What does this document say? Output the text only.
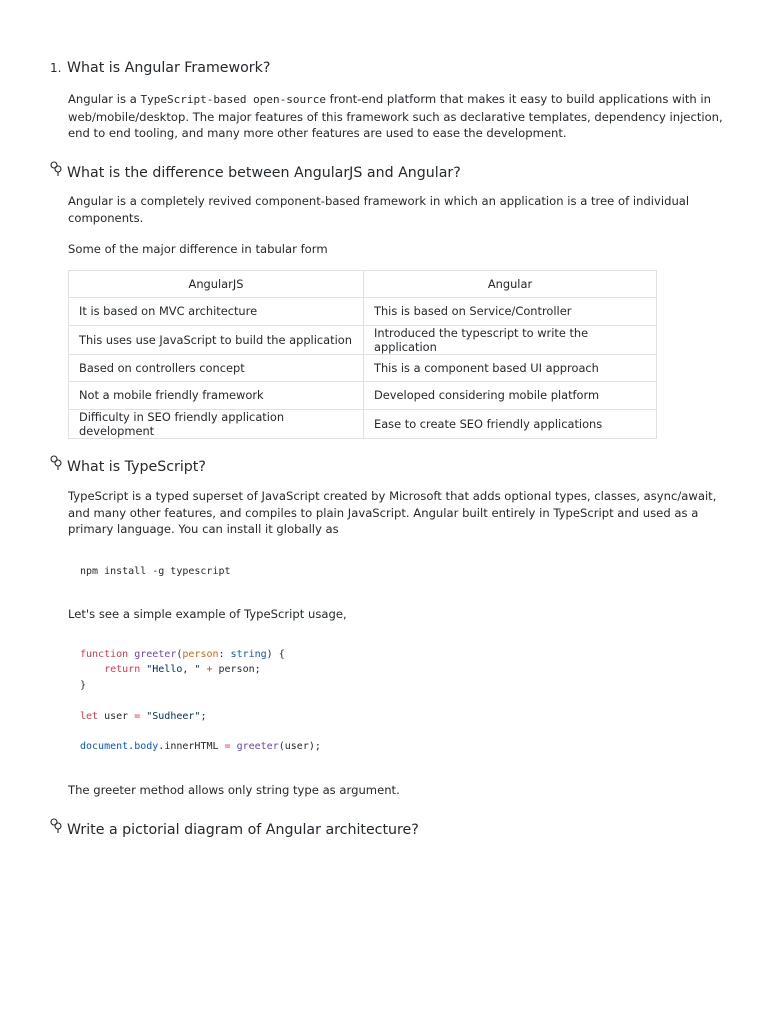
1. What is Angular Framework?

Angular is a TypeScript-based open-source front-end platform that makes it easy to build applications with in web/mobile/desktop. The major features of this framework such as declarative templates, dependency injection, end to end tooling, and many more other features are used to ease the development.

What is the difference between AngularJS and Angular?

Angular is a completely revived component-based framework in which an application is a tree of individual components.

Some of the major difference in tabular form

AngularJS	Angular
It is based on MVC architecture	This is based on Service/Controller
This uses use JavaScript to build the application	Introduced the typescript to write the application
Based on controllers concept	This is a component based UI approach
Not a mobile friendly framework	Developed considering mobile platform
Difficulty in SEO friendly application development	Ease to create SEO friendly applications
What is TypeScript?

TypeScript is a typed superset of JavaScript created by Microsoft that adds optional types, classes, async/await, and many other features, and compiles to plain JavaScript. Angular built entirely in TypeScript and used as a primary language. You can install it globally as

npm install -g typescript

Let's see a simple example of TypeScript usage,

function greeter(person: string) {
return "Hello, " + person;
}

let user = "Sudheer";

document.body.innerHTML = greeter(user);

The greeter method allows only string type as argument.

Write a pictorial diagram of Angular architecture?
